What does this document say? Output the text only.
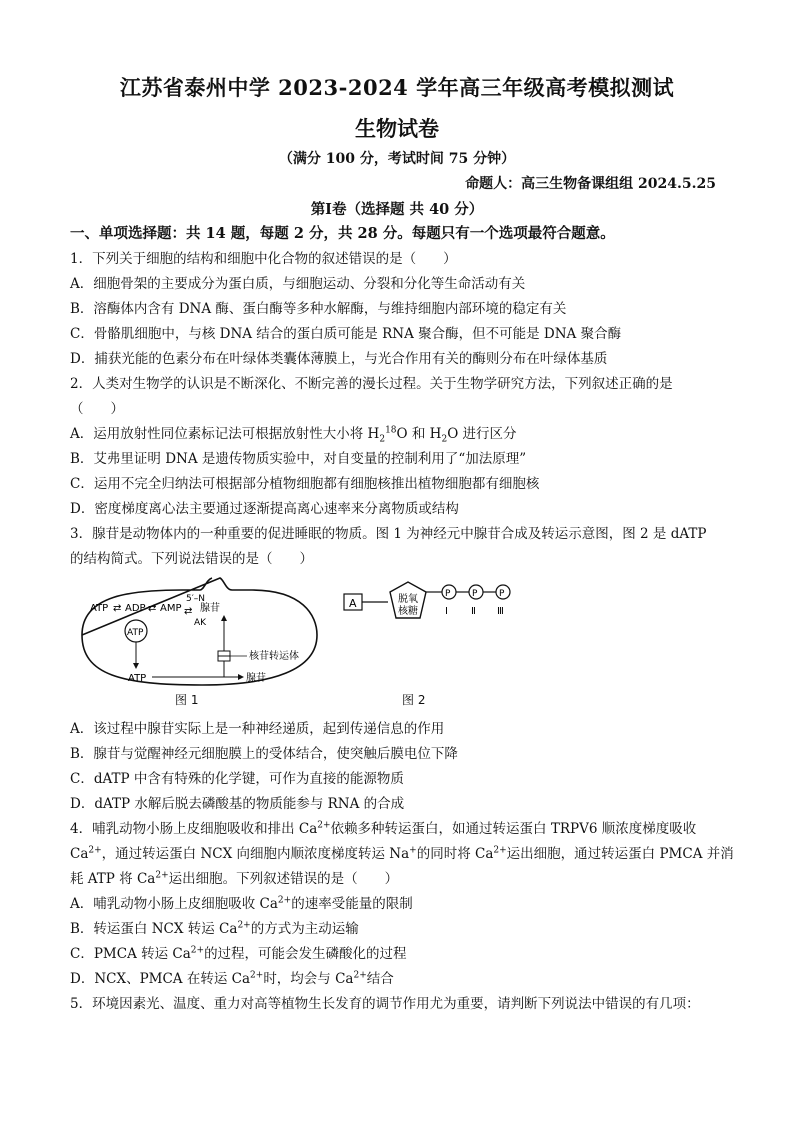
江苏省泰州中学 2023-2024 学年高三年级高考模拟测试
生物试卷
（满分 100 分，考试时间 75 分钟）
命题人：高三生物备课组组 2024.5.25
第Ⅰ卷（选择题 共 40 分）
一、单项选择题：共 14 题，每题 2 分，共 28 分。每题只有一个选项最符合题意。
1．下列关于细胞的结构和细胞中化合物的叙述错误的是（　　）
A．细胞骨架的主要成分为蛋白质，与细胞运动、分裂和分化等生命活动有关
B．溶酶体内含有 DNA 酶、蛋白酶等多种水解酶，与维持细胞内部环境的稳定有关
C．骨骼肌细胞中，与核 DNA 结合的蛋白质可能是 RNA 聚合酶，但不可能是 DNA 聚合酶
D．捕获光能的色素分布在叶绿体类囊体薄膜上，与光合作用有关的酶则分布在叶绿体基质
2．人类对生物学的认识是不断深化、不断完善的漫长过程。关于生物学研究方法，下列叙述正确的是
（　　）
A．运用放射性同位素标记法可根据放射性大小将 $H_2^{18}O$ 和 $H_2O$ 进行区分
B．艾弗里证明 DNA 是遗传物质实验中，对自变量的控制利用了“加法原理”
C．运用不完全归纳法可根据部分植物细胞都有细胞核推出植物细胞都有细胞核
D．密度梯度离心法主要通过逐渐提高离心速率来分离物质或结构
3．腺苷是动物体内的一种重要的促进睡眠的物质。图 1 为神经元中腺苷合成及转运示意图，图 2 是 dATP
的结构简式。下列说法错误的是（　　）
ATP ⇄ ADP ⇄ AMP
5′–N
⇄ 腺苷
AK
ATP
核苷转运体
ATP	腺苷
图 1
A	脱氧
核糖
P P P
Ⅰ Ⅱ Ⅲ
图 2
A．该过程中腺苷实际上是一种神经递质，起到传递信息的作用
B．腺苷与觉醒神经元细胞膜上的受体结合，使突触后膜电位下降
C．dATP 中含有特殊的化学键，可作为直接的能源物质
D．dATP 水解后脱去磷酸基的物质能参与 RNA 的合成
4．哺乳动物小肠上皮细胞吸收和排出 $Ca^{2+}$依赖多种转运蛋白，如通过转运蛋白 TRPV6 顺浓度梯度吸收
$Ca^{2+}$，通过转运蛋白 NCX 向细胞内顺浓度梯度转运 Na+的同时将 $Ca^{2+}$运出细胞，通过转运蛋白 PMCA 并消
耗 ATP 将 $Ca^{2+}$运出细胞。下列叙述错误的是（　　）
A．哺乳动物小肠上皮细胞吸收 $Ca^{2+}$的速率受能量的限制
B．转运蛋白 NCX 转运 $Ca^{2+}$的方式为主动运输
C．PMCA 转运 $Ca^{2+}$的过程，可能会发生磷酸化的过程
D．NCX、PMCA 在转运 $Ca^{2+}$时，均会与 $Ca^{2+}$结合
5．环境因素光、温度、重力对高等植物生长发育的调节作用尤为重要，请判断下列说法中错误的有几项：
